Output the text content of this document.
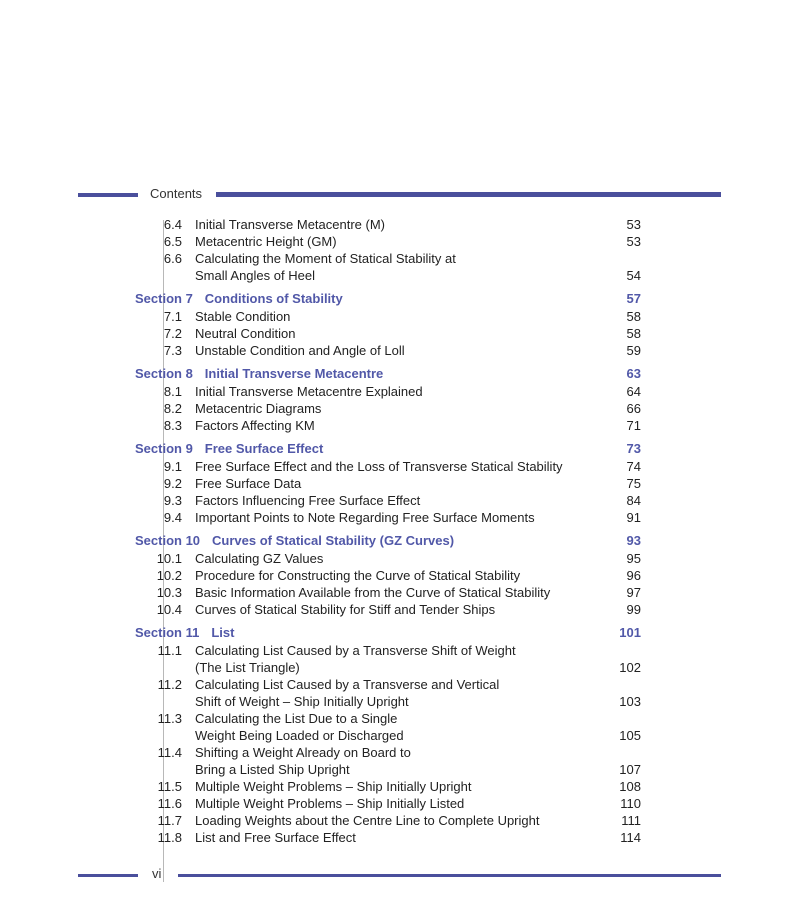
Contents
6.4 Initial Transverse Metacentre (M)	53
6.5 Metacentric Height (GM)	53
6.6 Calculating the Moment of Statical Stability at
Small Angles of Heel	54
Section 7 Conditions of Stability	57
7.1 Stable Condition	58
7.2 Neutral Condition	58
7.3 Unstable Condition and Angle of Loll	59
Section 8 Initial Transverse Metacentre	63
8.1 Initial Transverse Metacentre Explained	64
8.2 Metacentric Diagrams	66
8.3 Factors Affecting KM	71
Section 9 Free Surface Effect	73
9.1 Free Surface Effect and the Loss of Transverse Statical Stability	74
9.2 Free Surface Data	75
9.3 Factors Influencing Free Surface Effect	84
9.4 Important Points to Note Regarding Free Surface Moments	91
Section 10 Curves of Statical Stability (GZ Curves)	93
10.1 Calculating GZ Values	95
10.2 Procedure for Constructing the Curve of Statical Stability	96
10.3 Basic Information Available from the Curve of Statical Stability	97
10.4 Curves of Statical Stability for Stiff and Tender Ships	99
Section 11 List	101
11.1 Calculating List Caused by a Transverse Shift of Weight
(The List Triangle)	102
11.2 Calculating List Caused by a Transverse and Vertical
Shift of Weight – Ship Initially Upright	103
11.3 Calculating the List Due to a Single
Weight Being Loaded or Discharged	105
11.4 Shifting a Weight Already on Board to
Bring a Listed Ship Upright	107
11.5 Multiple Weight Problems – Ship Initially Upright	108
11.6 Multiple Weight Problems – Ship Initially Listed	110
11.7 Loading Weights about the Centre Line to Complete Upright	111
11.8 List and Free Surface Effect	114
vi
